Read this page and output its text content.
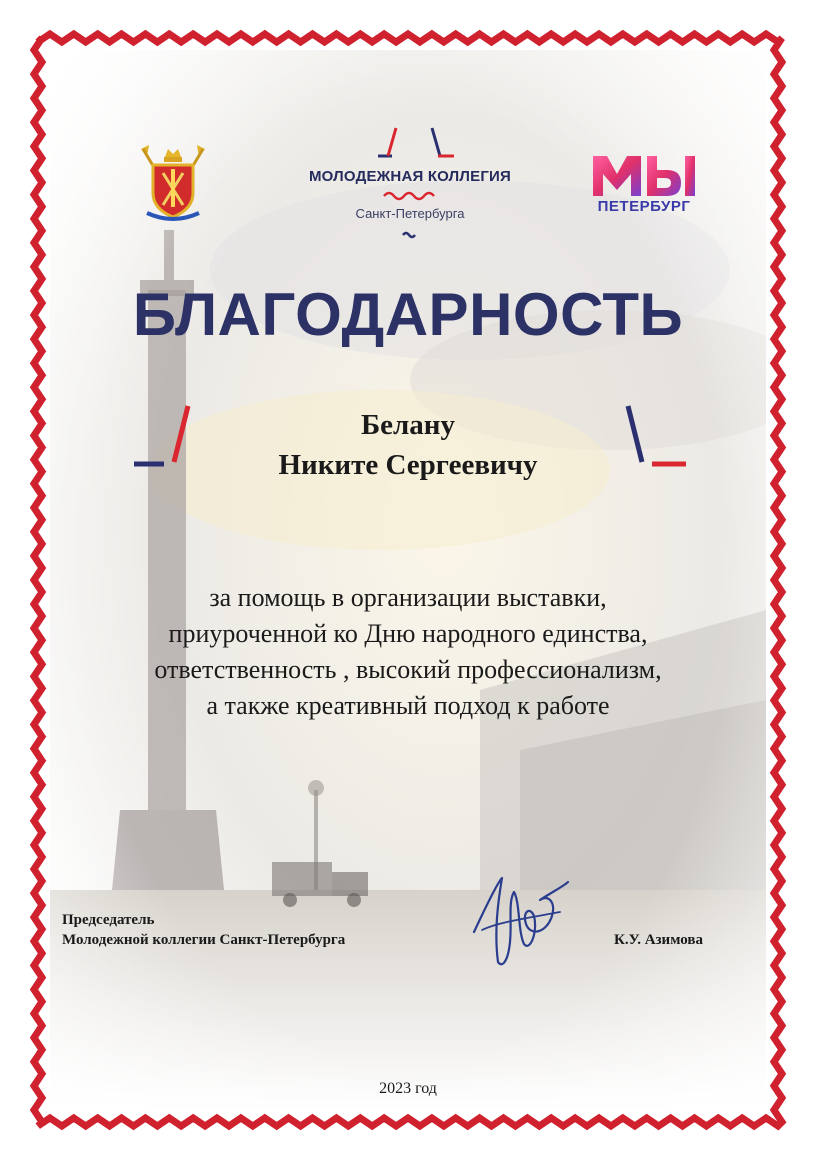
МОЛОДЕЖНАЯ КОЛЛЕГИЯ
Санкт-Петербурга	ПЕТЕРБУРГ
БЛАГОДАРНОСТЬ
Белану
Никите Сергеевичу
за помощь в организации выставки,
приуроченной ко Дню народного единства,
ответственность , высокий профессионализм,
а также креативный подход к работе
Председатель
Молодежной коллегии Санкт-Петербурга	К.У. Азимова
2023 год
